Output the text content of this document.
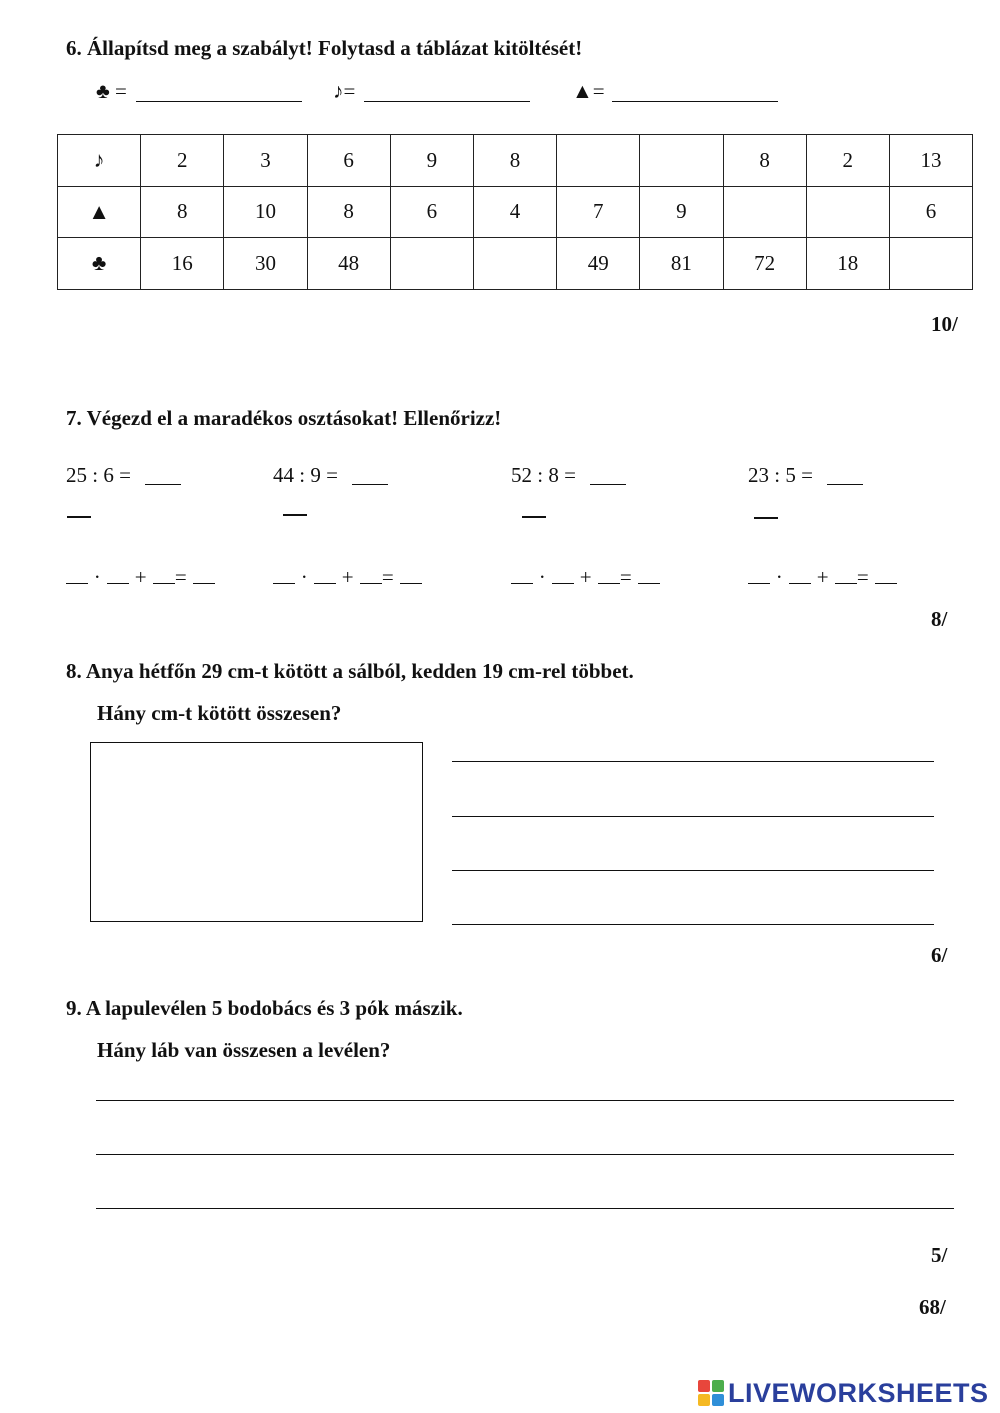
6. Állapítsd meg a szabályt! Folytasd a táblázat kitöltését!
♣ =	♪=	▲=
♪	2	3	6	9	8			8	2	13
▲	8	10	8	6	4	7	9			6
♣	16	30	48			49	81	72	18	
10/
7. Végezd el a maradékos osztásokat! Ellenőrizz!
25 : 6 =	44 : 9 =	52 : 8 =	23 : 5 =
· + =	· + =	· + =	· + =
8/
8. Anya hétfőn 29 cm-t kötött a sálból, kedden 19 cm-rel többet.
Hány cm-t kötött összesen?
6/
9. A lapulevélen 5 bodobács és 3 pók mászik.
Hány láb van összesen a levélen?
5/
68/
LIVEWORKSHEETS
